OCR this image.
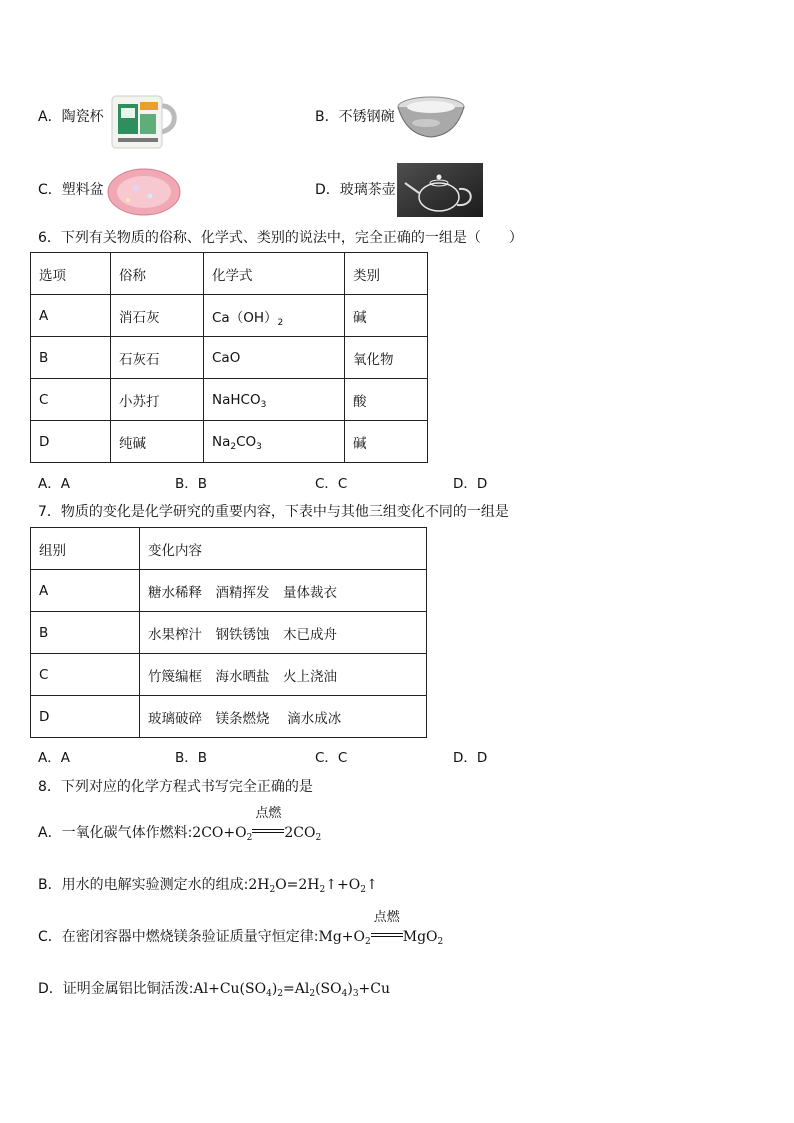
A．陶瓷杯	B．不锈钢碗
C．塑料盆	D．玻璃茶壶
6．下列有关物质的俗称、化学式、类别的说法中，完全正确的一组是（　　）
选项	俗称	化学式	类别
A	消石灰	$Ca(OH)_2$	碱
B	石灰石	CaO	氧化物
C	小苏打	NaHCO$_3$	酸
D	纯碱	$Na_2CO_3$	碱
A．A	B．B	C．C	D．D
7．物质的变化是化学研究的重要内容，下表中与其他三组变化不同的一组是
组别	变化内容
A	糖水稀释　酒精挥发　量体裁衣
B	水果榨汁　钢铁锈蚀　木已成舟
C	竹篾编框　海水晒盐　火上浇油
D	玻璃破碎　镁条燃烧　 滴水成冰
A．A	B．B	C．C	D．D
8．下列对应的化学方程式书写完全正确的是
A．一氧化碳气体作燃料$:2CO+O_2$
点燃
$2CO_2$
B．用水的电解实验测定水的组成$:2H_2O=2H_2↑+O_2↑$
C．在密闭容器中燃烧镁条验证质量守恒定律$:Mg+O_2$
点燃
MgO$_2$
D．证明金属铝比铜活泼$:Al+Cu(SO_4)_2=Al_2(SO_4)_3+Cu$
